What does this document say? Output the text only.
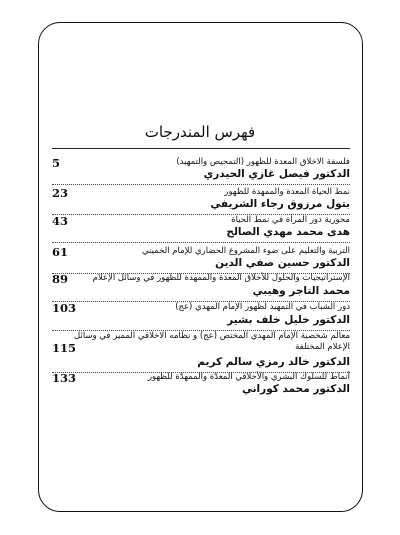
فهرس المندرجات
فلسفة الاخلاق المعدة للظهور (التمحيص والتمهيد)
5
الدكتور فيصل غازي الحيدري
نمط الحياة المعدة والممهدة للظهور
23
بتول مرزوق رجاء الشريفي
محورية دور المرأة في نمط الحياة
43
هدى محمد مهدي الصالح
التربية والتعليم على ضوء المشروع الحضاري للإمام الخميني
61
الدكتور حسين صفي الدين
الإستراتيجيات والحلول للأخلاق المعدة والممهدة للظهور في وسائل الإعلام
89
محمد التاجر وهيبي
دور الشباب في التمهيد لظهور الإمام المهدي (عج)
103
الدكتور خليل خلف بشير
معالم شخصية الإمام المهدي المختص (عج) و نظامه الاخلاقي المميز في وسائل الإعلام المختلفة
115
الدكتور خالد رمزي سالم كريم
أنماط للسلوك البشري والأخلاقي المعدّة والممهدّة للظهور
133
الدكتور محمد كوراني
